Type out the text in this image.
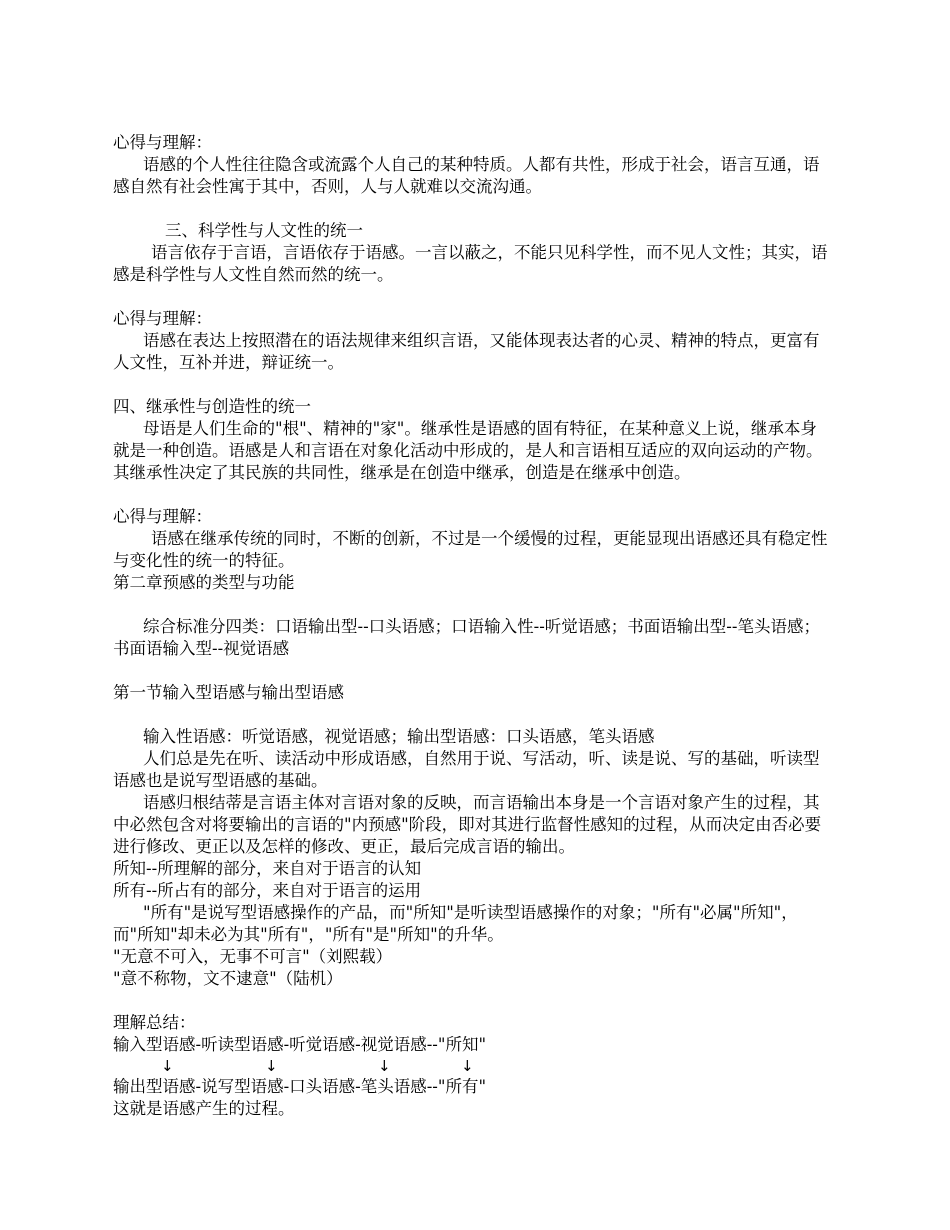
心得与理解：

语感的个人性往往隐含或流露个人自己的某种特质。人都有共性，形成于社会，语言互通，语感自然有社会性寓于其中，否则，人与人就难以交流沟通。

三、科学性与人文性的统一

语言依存于言语，言语依存于语感。一言以蔽之，不能只见科学性，而不见人文性；其实，语感是科学性与人文性自然而然的统一。

心得与理解：

语感在表达上按照潜在的语法规律来组织言语，又能体现表达者的心灵、精神的特点，更富有人文性，互补并进，辩证统一。

四、继承性与创造性的统一

母语是人们生命的"根"、精神的"家"。继承性是语感的固有特征，在某种意义上说，继承本身就是一种创造。语感是人和言语在对象化活动中形成的，是人和言语相互适应的双向运动的产物。其继承性决定了其民族的共同性，继承是在创造中继承，创造是在继承中创造。

心得与理解：

语感在继承传统的同时，不断的创新，不过是一个缓慢的过程，更能显现出语感还具有稳定性与变化性的统一的特征。

第二章预感的类型与功能

综合标准分四类：口语输出型--口头语感；口语输入性--听觉语感；书面语输出型--笔头语感；书面语输入型--视觉语感

第一节输入型语感与输出型语感

输入性语感：听觉语感，视觉语感；输出型语感：口头语感，笔头语感

人们总是先在听、读活动中形成语感，自然用于说、写活动，听、读是说、写的基础，听读型语感也是说写型语感的基础。

语感归根结蒂是言语主体对言语对象的反映，而言语输出本身是一个言语对象产生的过程，其中必然包含对将要输出的言语的"内预感"阶段，即对其进行监督性感知的过程，从而决定由否必要进行修改、更正以及怎样的修改、更正，最后完成言语的输出。

所知--所理解的部分，来自对于语言的认知

所有--所占有的部分，来自对于语言的运用

"所有"是说写型语感操作的产品，而"所知"是听读型语感操作的对象；"所有"必属"所知"，而"所知"却未必为其"所有"，"所有"是"所知"的升华。

"无意不可入，无事不可言"（刘熙载）

"意不称物，文不逮意"（陆机）

理解总结：

输入型语感-听读型语感-听觉语感-视觉语感--"所知"
↓	↓	↓	↓
输出型语感-说写型语感-口头语感-笔头语感--"所有"

这就是语感产生的过程。
